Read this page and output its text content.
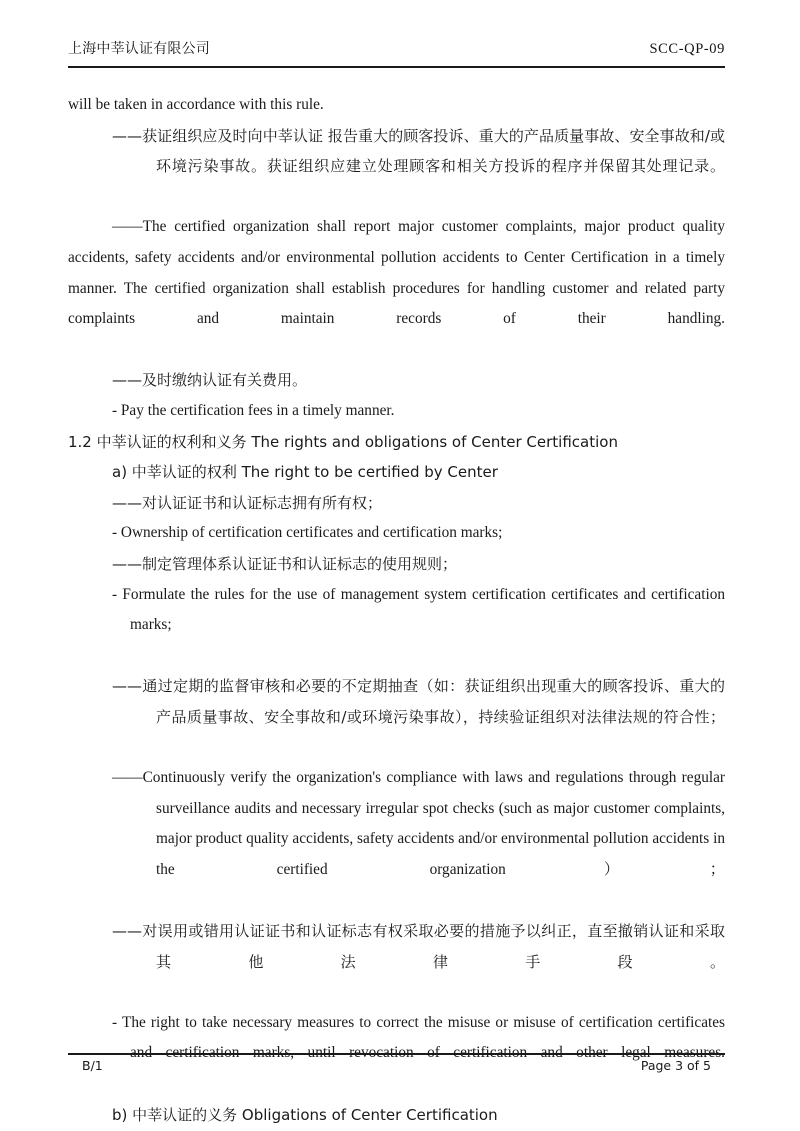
上海中莘认证有限公司	SCC-QP-09

will be taken in accordance with this rule.

——获证组织应及时向中莘认证 报告重大的顾客投诉、重大的产品质量事故、安全事故和/或环境污染事故。获证组织应建立处理顾客和相关方投诉的程序并保留其处理记录。

——The certified organization shall report major customer complaints, major product quality accidents, safety accidents and/or environmental pollution accidents to Center Certification in a timely manner. The certified organization shall establish procedures for handling customer and related party complaints and maintain records of their handling.

——及时缴纳认证有关费用。

- Pay the certification fees in a timely manner.

1.2 中莘认证的权利和义务 The rights and obligations of Center Certification

a) 中莘认证的权利 The right to be certified by Center

——对认证证书和认证标志拥有所有权；

- Ownership of certification certificates and certification marks;

——制定管理体系认证证书和认证标志的使用规则；

- Formulate the rules for the use of management system certification certificates and certification marks;

——通过定期的监督审核和必要的不定期抽查（如：获证组织出现重大的顾客投诉、重大的产品质量事故、安全事故和/或环境污染事故），持续验证组织对法律法规的符合性；

——Continuously verify the organization's compliance with laws and regulations through regular surveillance audits and necessary irregular spot checks (such as major customer complaints, major product quality accidents, safety accidents and/or environmental pollution accidents in the certified organization）；

——对误用或错用认证证书和认证标志有权采取必要的措施予以纠正，直至撤销认证和采取其他法律手段。

- The right to take necessary measures to correct the misuse or misuse of certification certificates and certification marks, until revocation of certification and other legal measures.

b) 中莘认证的义务 Obligations of Center Certification

B/1	Page 3 of 5
